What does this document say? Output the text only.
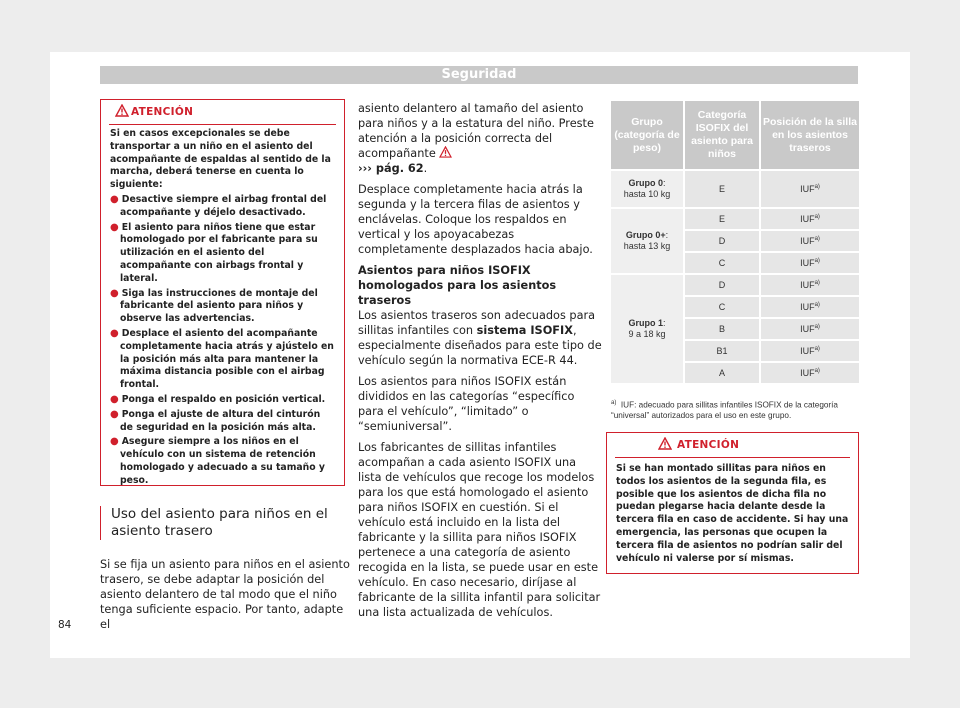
Seguridad
ATENCIÓN

Si en casos excepcionales se debe transportar a un niño en el asiento del acompañante de espaldas al sentido de la marcha, deberá tenerse en cuenta lo siguiente:

● Desactive siempre el airbag frontal del acompañante y déjelo desactivado.

● El asiento para niños tiene que estar homologado por el fabricante para su utilización en el asiento del acompañante con airbags frontal y lateral.

● Siga las instrucciones de montaje del fabricante del asiento para niños y observe las advertencias.

● Desplace el asiento del acompañante completamente hacia atrás y ajústelo en la posición más alta para mantener la máxima distancia posible con el airbag frontal.

● Ponga el respaldo en posición vertical.

● Ponga el ajuste de altura del cinturón de seguridad en la posición más alta.

● Asegure siempre a los niños en el vehículo con un sistema de retención homologado y adecuado a su tamaño y peso.

Uso del asiento para niños en el asiento trasero
Si se fija un asiento para niños en el asiento trasero, se debe adaptar la posición del asiento delantero de tal modo que el niño tenga suficiente espacio. Por tanto, adapte el

asiento delantero al tamaño del asiento para niños y a la estatura del niño. Preste atención a la posición correcta del acompañante
››› pág. 62.

Desplace completamente hacia atrás la segunda y la tercera filas de asientos y enclávelas. Coloque los respaldos en vertical y los apoyacabezas completamente desplazados hacia abajo.

Asientos para niños ISOFIX homologados para los asientos traseros

Los asientos traseros son adecuados para sillitas infantiles con sistema ISOFIX, especialmente diseñados para este tipo de vehículo según la normativa ECE-R 44.

Los asientos para niños ISOFIX están divididos en las categorías “específico para el vehículo”, “limitado” o “semiuniversal”.

Los fabricantes de sillitas infantiles acompañan a cada asiento ISOFIX una lista de vehículos que recoge los modelos para los que está homologado el asiento para niños ISOFIX en cuestión. Si el vehículo está incluido en la lista del fabricante y la sillita para niños ISOFIX pertenece a una categoría de asiento recogida en la lista, se puede usar en este vehículo. En caso necesario, diríjase al fabricante de la sillita infantil para solicitar una lista actualizada de vehículos.

Grupo (categoría de peso)	Categoría ISOFIX del asiento para niños	Posición de la silla en los asientos traseros
Grupo 0:
hasta 10 kg	E	IUF$^{a)}$
Grupo 0+:
hasta 13 kg	E	IUF$^{a)}$
	D	IUF$^{a)}$
	C	IUF$^{a)}$
Grupo 1:
9 a 18 kg	D	IUF$^{a)}$
	C	IUF$^{a)}$
	B	IUF$^{a)}$
	B1	IUF$^{a)}$
	A	IUF$^{a)}$
$^{a)}$ IUF: adecuado para sillitas infantiles ISOFIX de la categoría “universal” autorizados para el uso en este grupo.
ATENCIÓN
Si se han montado sillitas para niños en todos los asientos de la segunda fila, es posible que los asientos de dicha fila no puedan plegarse hacia delante desde la tercera fila en caso de accidente. Si hay una emergencia, las personas que ocupen la tercera fila de asientos no podrían salir del vehículo ni valerse por sí mismas.
84
